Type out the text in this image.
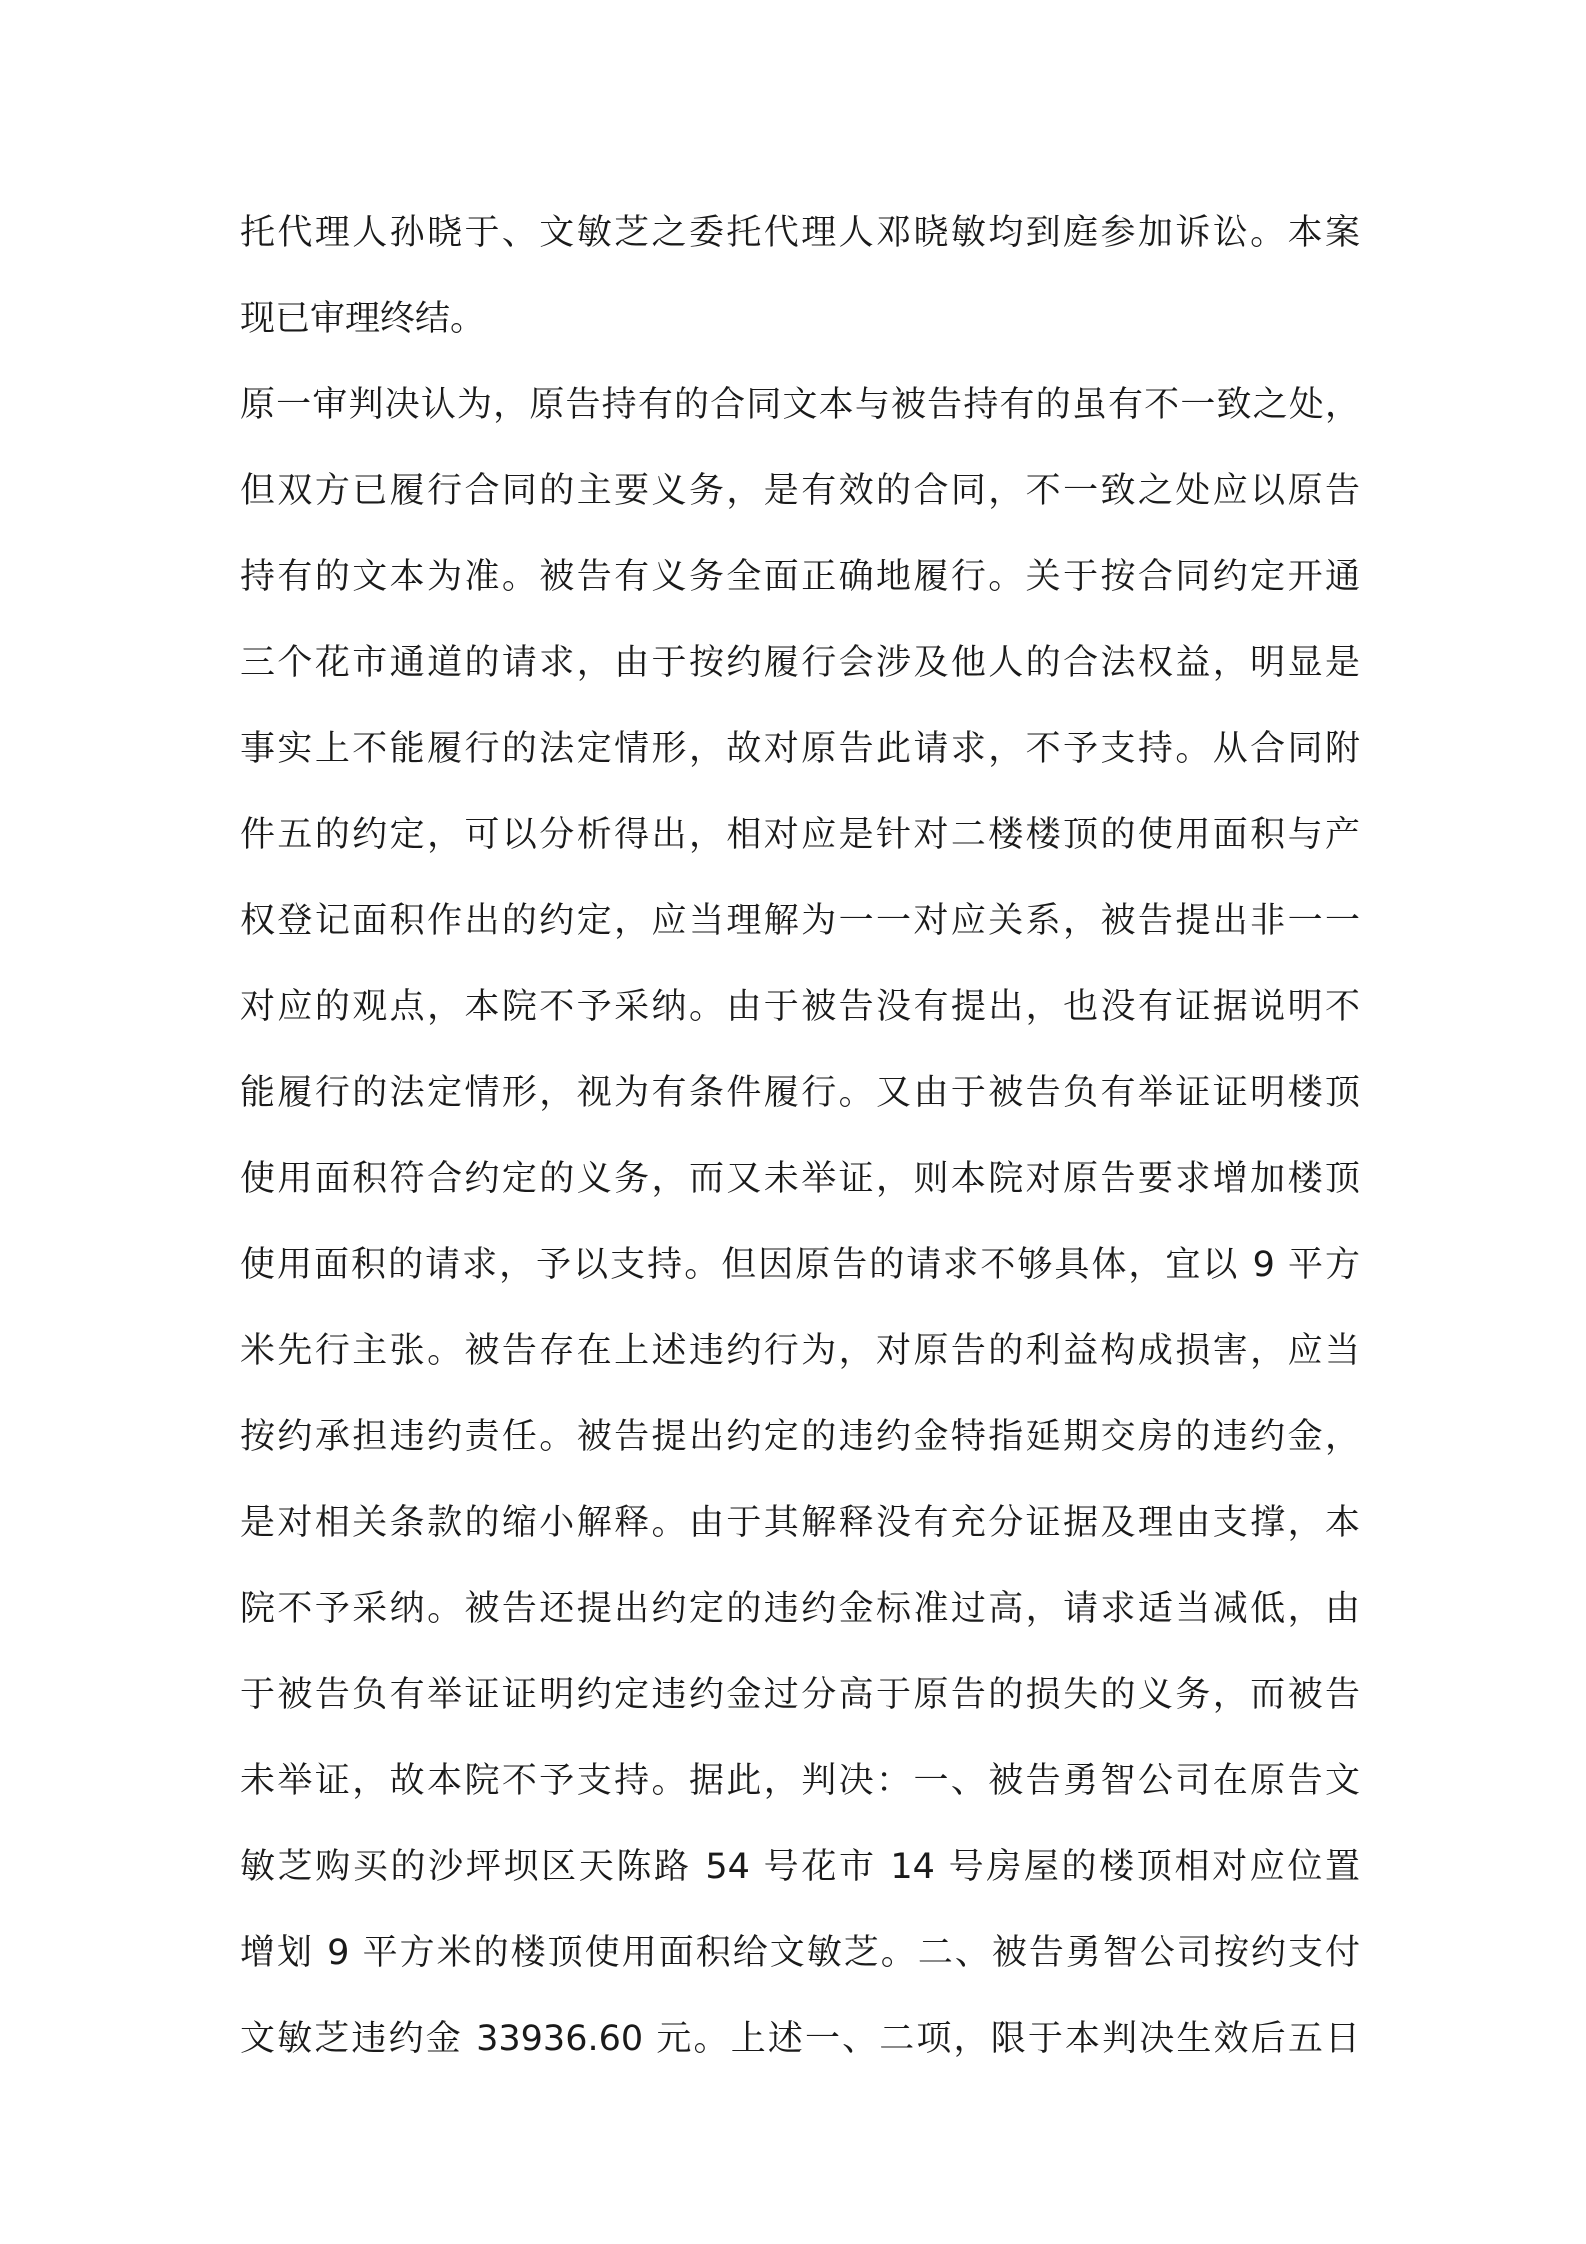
托代理人孙晓于、文敏芝之委托代理人邓晓敏均到庭参加诉讼。本案
现已审理终结。
原一审判决认为，原告持有的合同文本与被告持有的虽有不一致之处，
但双方已履行合同的主要义务，是有效的合同，不一致之处应以原告
持有的文本为准。被告有义务全面正确地履行。关于按合同约定开通
三个花市通道的请求，由于按约履行会涉及他人的合法权益，明显是
事实上不能履行的法定情形，故对原告此请求，不予支持。从合同附
件五的约定，可以分析得出，相对应是针对二楼楼顶的使用面积与产
权登记面积作出的约定，应当理解为一一对应关系，被告提出非一一
对应的观点，本院不予采纳。由于被告没有提出，也没有证据说明不
能履行的法定情形，视为有条件履行。又由于被告负有举证证明楼顶
使用面积符合约定的义务，而又未举证，则本院对原告要求增加楼顶
使用面积的请求，予以支持。但因原告的请求不够具体，宜以 9 平方
米先行主张。被告存在上述违约行为，对原告的利益构成损害，应当
按约承担违约责任。被告提出约定的违约金特指延期交房的违约金，
是对相关条款的缩小解释。由于其解释没有充分证据及理由支撑，本
院不予采纳。被告还提出约定的违约金标准过高，请求适当减低，由
于被告负有举证证明约定违约金过分高于原告的损失的义务，而被告
未举证，故本院不予支持。据此，判决：一、被告勇智公司在原告文
敏芝购买的沙坪坝区天陈路 54 号花市 14 号房屋的楼顶相对应位置
增划 9 平方米的楼顶使用面积给文敏芝。二、被告勇智公司按约支付
文敏芝违约金 33936.60 元。上述一、二项，限于本判决生效后五日
